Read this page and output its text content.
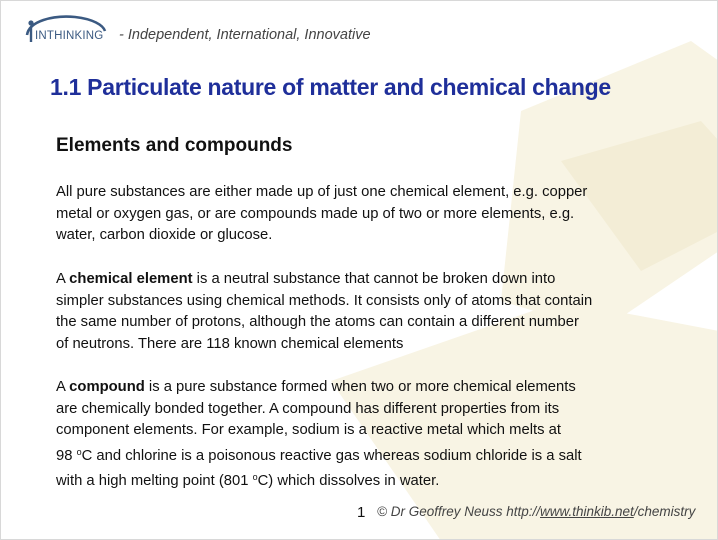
INTHINKING - Independent, International, Innovative
1.1 Particulate nature of matter and chemical change
Elements and compounds

All pure substances are either made up of just one chemical element, e.g. copper

metal or oxygen gas, or are compounds made up of two or more elements, e.g.

water, carbon dioxide or glucose.

A chemical element is a neutral substance that cannot be broken down into

simpler substances using chemical methods. It consists only of atoms that contain

the same number of protons, although the atoms can contain a different number

of neutrons. There are 118 known chemical elements

A compound is a pure substance formed when two or more chemical elements

are chemically bonded together. A compound has different properties from its

component elements. For example, sodium is a reactive metal which melts at

98 $^o$C and chlorine is a poisonous reactive gas whereas sodium chloride is a salt

with a high melting point (801 $^o$C) which dissolves in water.

1 © Dr Geoffrey Neuss http://www.thinkib.net/chemistry
